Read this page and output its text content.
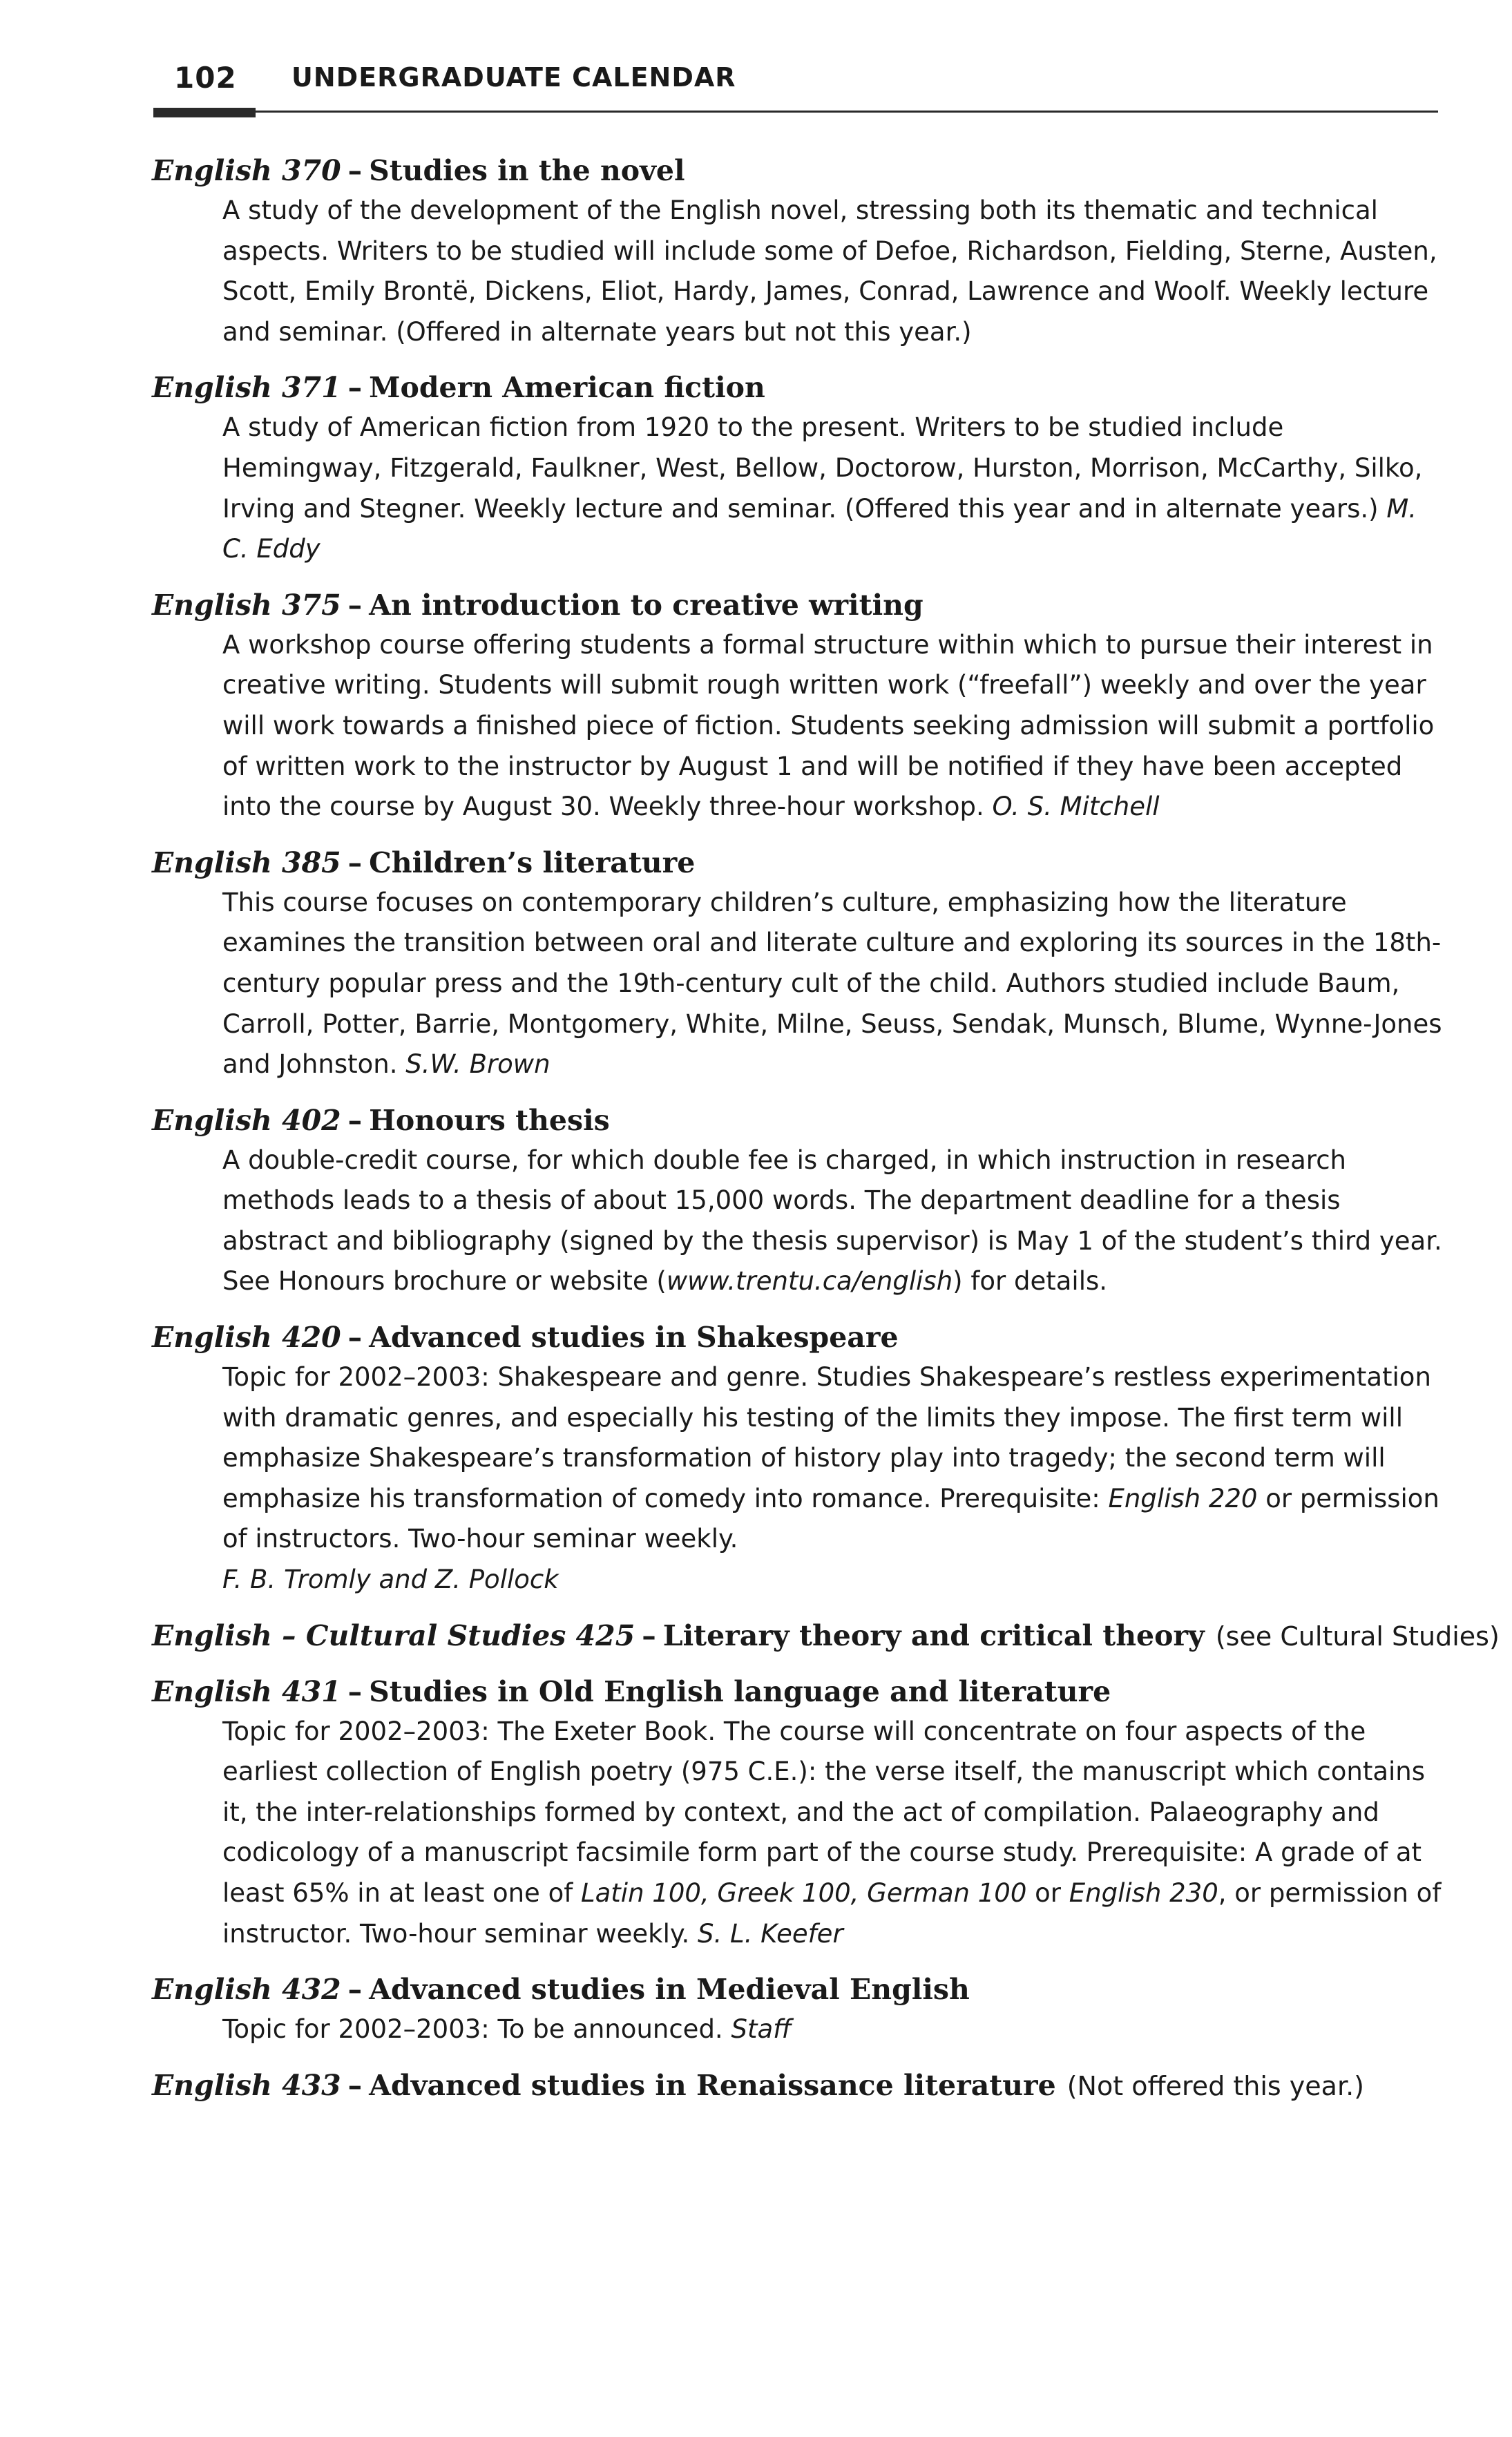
102 UNDERGRADUATE CALENDAR
English 370 – Studies in the novel
A study of the development of the English novel, stressing both its thematic and technical aspects. Writers to be studied will include some of Defoe, Richardson, Fielding, Sterne, Austen, Scott, Emily Brontë, Dickens, Eliot, Hardy, James, Conrad, Lawrence and Woolf. Weekly lecture and seminar. (Offered in alternate years but not this year.)
English 371 – Modern American fiction
A study of American fiction from 1920 to the present. Writers to be studied include Hemingway, Fitzgerald, Faulkner, West, Bellow, Doctorow, Hurston, Morrison, McCarthy, Silko, Irving and Stegner. Weekly lecture and seminar. (Offered this year and in alternate years.) M. C. Eddy
English 375 – An introduction to creative writing
A workshop course offering students a formal structure within which to pursue their interest in creative writing. Students will submit rough written work (“freefall”) weekly and over the year will work towards a finished piece of fiction. Students seeking admission will submit a portfolio of written work to the instructor by August 1 and will be notified if they have been accepted into the course by August 30. Weekly three-hour workshop. O. S. Mitchell
English 385 – Children’s literature
This course focuses on contemporary children’s culture, emphasizing how the literature examines the transition between oral and literate culture and exploring its sources in the 18th-century popular press and the 19th-century cult of the child. Authors studied include Baum, Carroll, Potter, Barrie, Montgomery, White, Milne, Seuss, Sendak, Munsch, Blume, Wynne-Jones and Johnston. S.W. Brown
English 402 – Honours thesis
A double-credit course, for which double fee is charged, in which instruction in research methods leads to a thesis of about 15,000 words. The department deadline for a thesis abstract and bibliography (signed by the thesis supervisor) is May 1 of the student’s third year. See Honours brochure or website (www.trentu.ca/english) for details.
English 420 – Advanced studies in Shakespeare
Topic for 2002–2003: Shakespeare and genre. Studies Shakespeare’s restless experimentation with dramatic genres, and especially his testing of the limits they impose. The first term will emphasize Shakespeare’s transformation of history play into tragedy; the second term will emphasize his transformation of comedy into romance. Prerequisite: English 220 or permission of instructors. Two-hour seminar weekly.
F. B. Tromly and Z. Pollock
English – Cultural Studies 425 – Literary theory and critical theory (see Cultural Studies)
English 431 – Studies in Old English language and literature
Topic for 2002–2003: The Exeter Book. The course will concentrate on four aspects of the earliest collection of English poetry (975 C.E.): the verse itself, the manuscript which contains it, the inter-relationships formed by context, and the act of compilation. Palaeography and codicology of a manuscript facsimile form part of the course study. Prerequisite: A grade of at least 65% in at least one of Latin 100, Greek 100, German 100 or English 230, or permission of instructor. Two-hour seminar weekly. S. L. Keefer
English 432 – Advanced studies in Medieval English
Topic for 2002–2003: To be announced. Staff
English 433 – Advanced studies in Renaissance literature (Not offered this year.)
